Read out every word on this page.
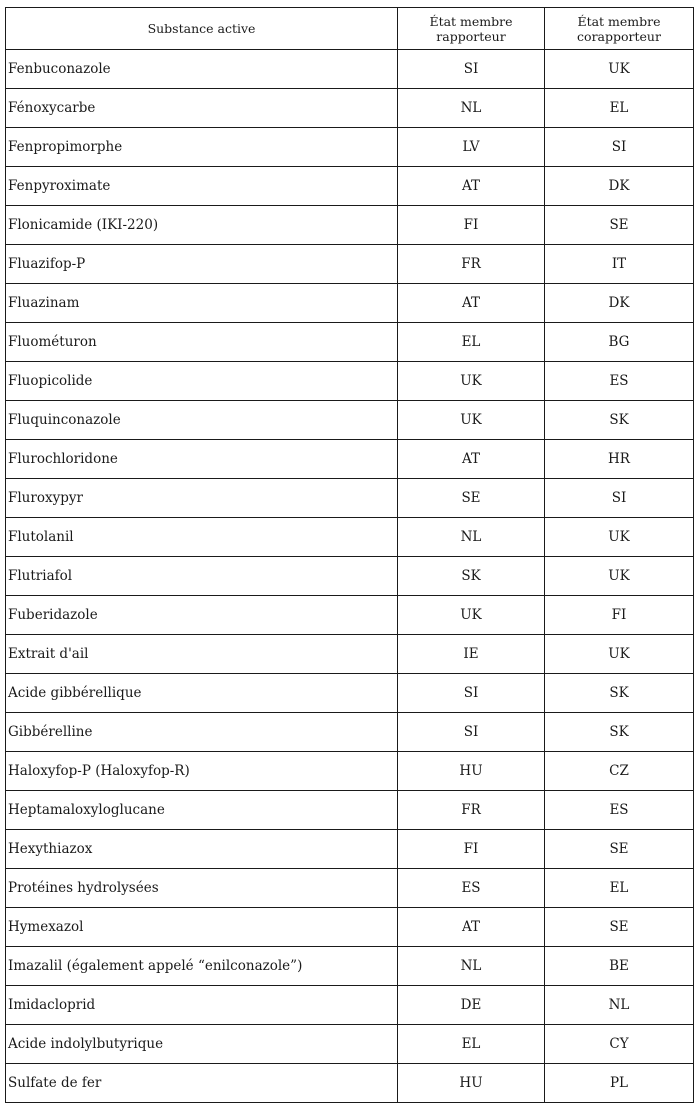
Substance active	État membre rapporteur	État membre
corapporteur

Fenbuconazole	SI	UK
Fénoxycarbe	NL	EL
Fenpropimorphe	LV	SI
Fenpyroximate	AT	DK
Flonicamide (IKI-220)	FI	SE
Fluazifop-P	FR	IT
Fluazinam	AT	DK
Fluométuron	EL	BG
Fluopicolide	UK	ES
Fluquinconazole	UK	SK
Flurochloridone	AT	HR
Fluroxypyr	SE	SI
Flutolanil	NL	UK
Flutriafol	SK	UK
Fuberidazole	UK	FI
Extrait d'ail	IE	UK
Acide gibbérellique	SI	SK
Gibbérelline	SI	SK
Haloxyfop-P (Haloxyfop-R)	HU	CZ
Heptamaloxyloglucane	FR	ES
Hexythiazox	FI	SE
Protéines hydrolysées	ES	EL
Hymexazol	AT	SE
Imazalil (également appelé “enilconazole”)	NL	BE
Imidacloprid	DE	NL
Acide indolylbutyrique	EL	CY
Sulfate de fer	HU	PL
